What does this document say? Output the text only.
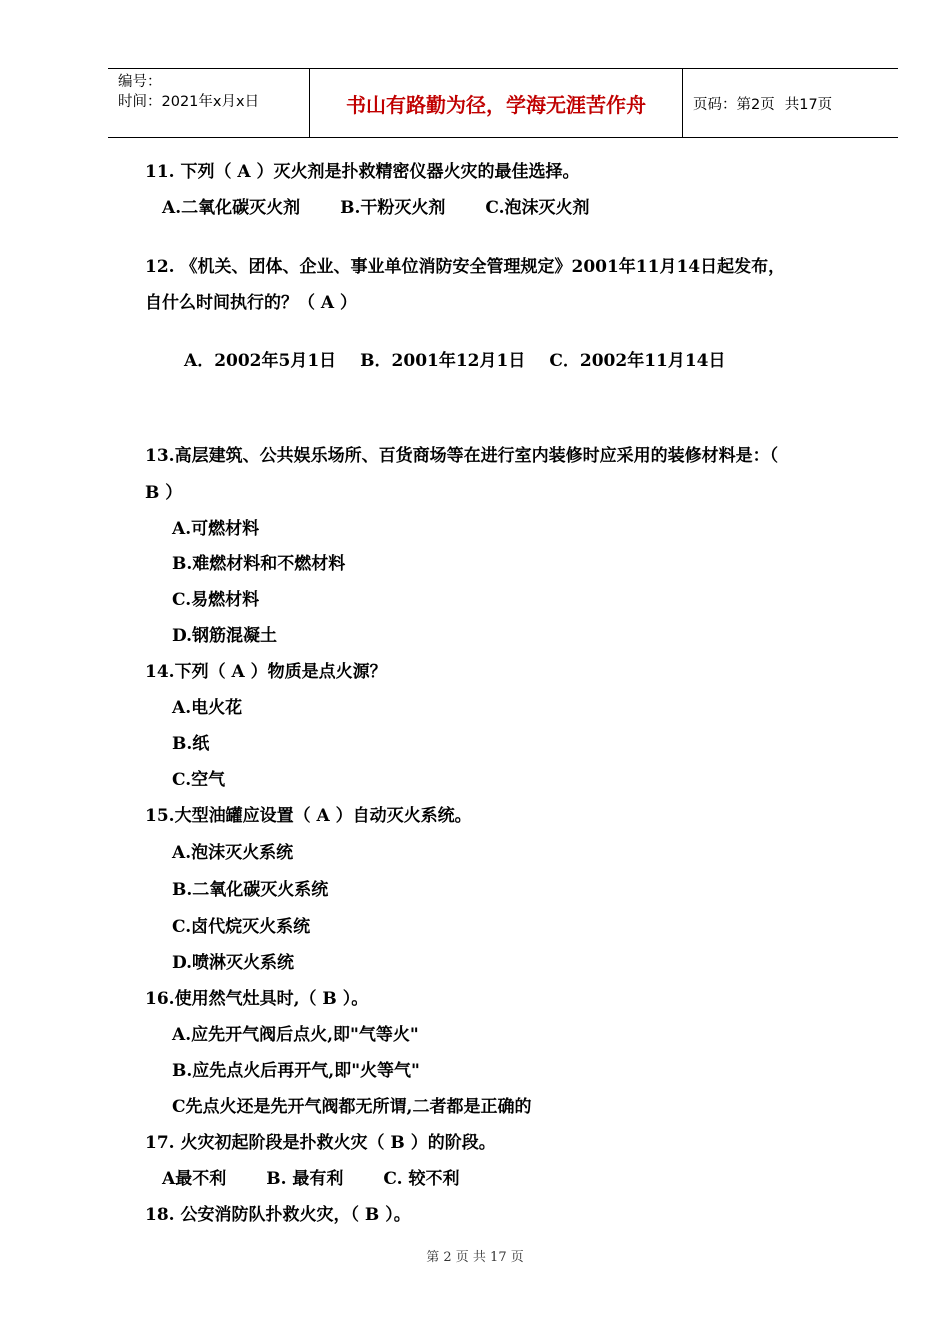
编号：
时间：2021年x月x日	书山有路勤为径，学海无涯苦作舟	页码：第2页 共17页
11. 下列（ A ）灭火剂是扑救精密仪器火灾的最佳选择。
A.二氧化碳灭火剂 B.干粉灭火剂 C.泡沫灭火剂
12. 《机关、团体、企业、事业单位消防安全管理规定》2001年11月14日起发布，
自什么时间执行的？（ A ）
A．2002年5月1日 B．2001年12月1日 C．2002年11月14日
13.高层建筑、公共娱乐场所、百货商场等在进行室内装修时应采用的装修材料是：（
B ）
A.可燃材料
B.难燃材料和不燃材料
C.易燃材料
D.钢筋混凝土
14.下列（ A ）物质是点火源？
A.电火花
B.纸
C.空气
15.大型油罐应设置（ A ）自动灭火系统。
A.泡沫灭火系统
B.二氧化碳灭火系统
C.卤代烷灭火系统
D.喷淋灭火系统
16.使用然气灶具时,（ B ）。
A.应先开气阀后点火,即"气等火"
B.应先点火后再开气,即"火等气"
C先点火还是先开气阀都无所谓,二者都是正确的
17. 火灾初起阶段是扑救火灾（ B ）的阶段。
A最不利 B. 最有利 C. 较不利
18. 公安消防队扑救火灾，（ B ）。
第 2 页 共 17 页
